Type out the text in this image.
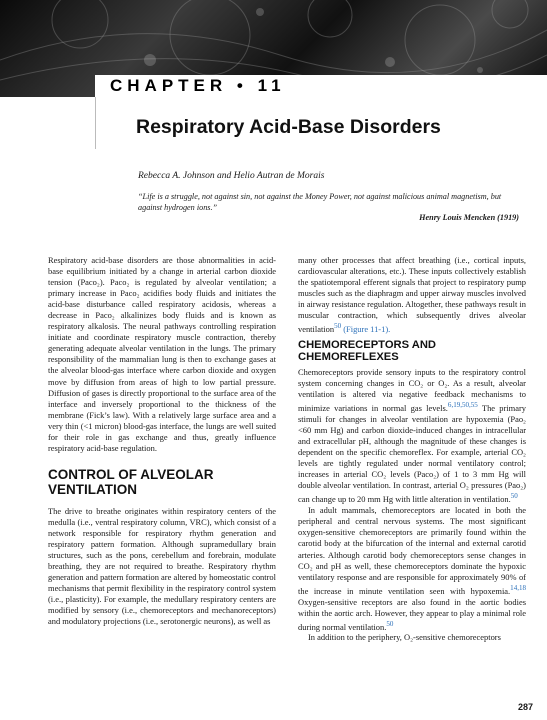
CHAPTER • 11
Respiratory Acid-Base Disorders
Rebecca A. Johnson and Helio Autran de Morais
“Life is a struggle, not against sin, not against the Money Power, not against malicious animal magnetism, but against hydrogen ions.”
Henry Louis Mencken (1919)

Respiratory acid-base disorders are those abnormalities in acid-base equilibrium initiated by a change in arterial carbon dioxide tension (Paco₂). Paco₂ is regulated by alveolar ventilation; a primary increase in Paco₂ acidifies body fluids and initiates the acid-base disturbance called respiratory acidosis, whereas a decrease in Paco₂ alkalinizes body fluids and is known as respiratory alkalosis. The neural pathways controlling respiration initiate and coordinate respiratory muscle contraction, thereby generating adequate alveolar ventilation in the lungs. The primary responsibility of the mammalian lung is then to exchange gases at the alveolar blood-gas interface where carbon dioxide and oxygen move by diffusion from areas of high to low partial pressure. Diffusion of gases is directly proportional to the surface area of the interface and inversely proportional to the thickness of the membrane (Fick’s law). With a relatively large surface area and a very thin (<1 micron) blood-gas interface, the lungs are well suited for their role in gas exchange and thus, greatly influence respiratory acid-base regulation.

CONTROL OF ALVEOLAR VENTILATION

The drive to breathe originates within respiratory centers of the medulla (i.e., ventral respiratory column, VRC), which consist of a network responsible for respiratory rhythm generation and respiratory pattern formation. Although supramedullary brain structures, such as the pons, cerebellum and forebrain, modulate breathing, they are not required to breathe. Respiratory rhythm generation and pattern formation are altered by homeostatic control mechanisms that permit flexibility in the respiratory control system (i.e., plasticity). For example, the medullary respiratory centers are modified by sensory (i.e., chemoreceptors and mechanoreceptors) and modulatory projections (i.e., serotonergic neurons), as well as

many other processes that affect breathing (i.e., cortical inputs, cardiovascular alterations, etc.). These inputs collectively establish the spatiotemporal efferent signals that project to respiratory pump muscles such as the diaphragm and upper airway muscles involved in airway resistance regulation. Altogether, these pathways result in muscular contraction, which subsequently drives alveolar ventilation$^{50}$ (Figure 11-1).

CHEMORECEPTORS AND CHEMOREFLEXES

Chemoreceptors provide sensory inputs to the respiratory control system concerning changes in CO₂ or O₂. As a result, alveolar ventilation is altered via negative feedback mechanisms to minimize variations in normal gas levels.$^{6,19,50,55}$ The primary stimuli for changes in alveolar ventilation are hypoxemia (Pao₂ <60 mm Hg) and carbon dioxide-induced changes in intracellular and extracellular pH, although the magnitude of these changes is dependent on the specific chemoreflex. For example, arterial CO₂ levels are tightly regulated under normal ventilatory control; increases in arterial CO₂ levels (Paco₂) of 1 to 3 mm Hg will double alveolar ventilation. In contrast, arterial O₂ pressures (Pao₂) can change up to 20 mm Hg with little alteration in ventilation.$^{50}$

In adult mammals, chemoreceptors are located in both the peripheral and central nervous systems. The most significant oxygen-sensitive chemoreceptors are primarily found within the carotid body at the bifurcation of the internal and external carotid arteries. Although carotid body chemoreceptors sense changes in CO₂ and pH as well, these chemoreceptors dominate the hypoxic ventilatory response and are responsible for approximately 90% of the increase in minute ventilation seen with hypoxemia.$^{14,18}$ Oxygen-sensitive receptors are also found in the aortic bodies within the aortic arch. However, they appear to play a minimal role during normal ventilation.$^{50}$

In addition to the periphery, O₂-sensitive chemoreceptors

287
